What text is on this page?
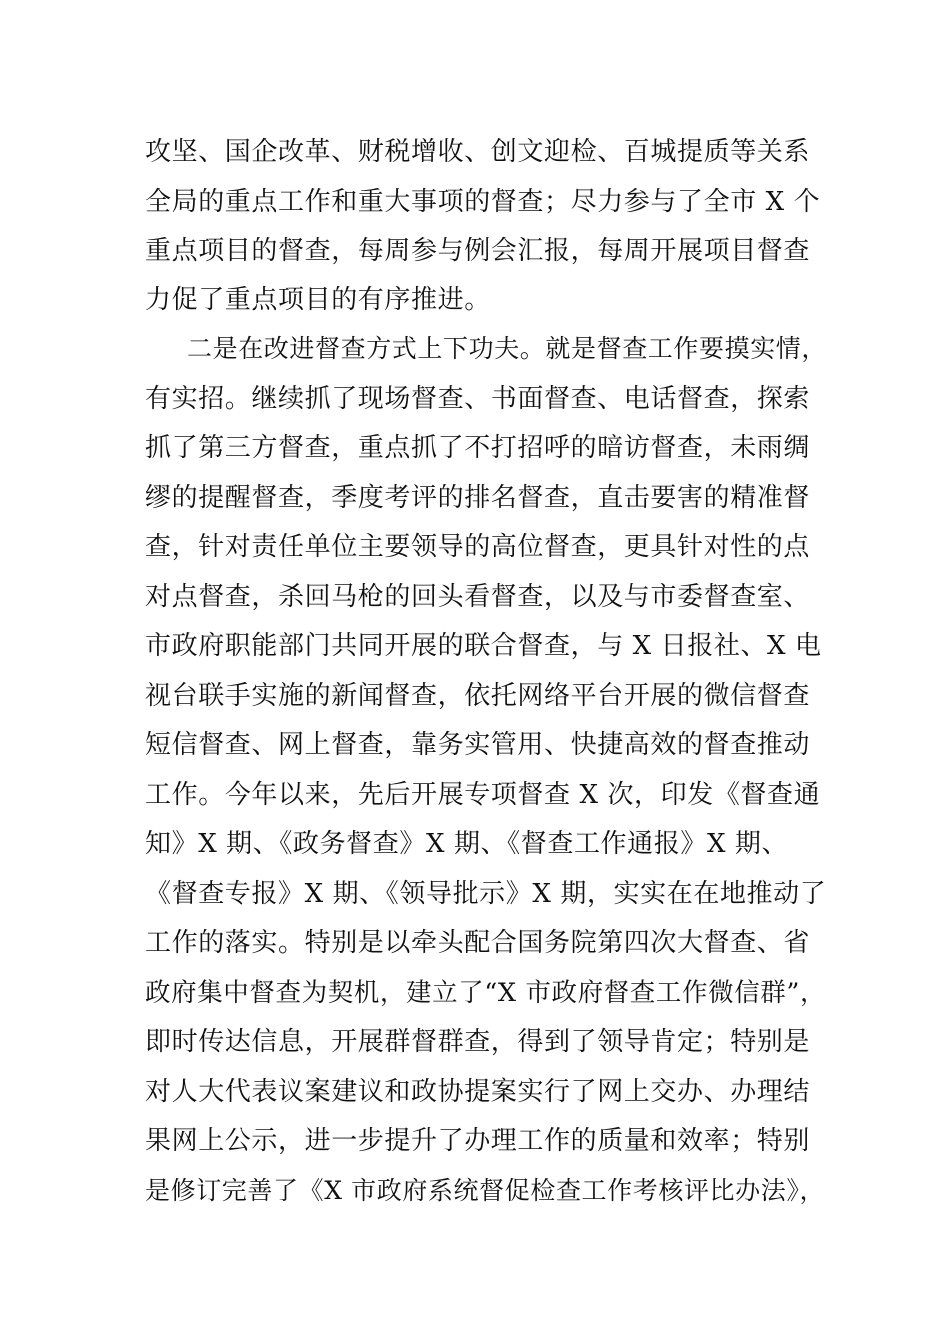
攻坚、国企改革、财税增收、创文迎检、百城提质等关系
全局的重点工作和重大事项的督查；尽力参与了全市 X 个
重点项目的督查，每周参与例会汇报，每周开展项目督查
力促了重点项目的有序推进。
二是在改进督查方式上下功夫。就是督查工作要摸实情，
有实招。继续抓了现场督查、书面督查、电话督查，探索
抓了第三方督查，重点抓了不打招呼的暗访督查，未雨绸
缪的提醒督查，季度考评的排名督查，直击要害的精准督
查，针对责任单位主要领导的高位督查，更具针对性的点
对点督查，杀回马枪的回头看督查，以及与市委督查室、
市政府职能部门共同开展的联合督查，与 X 日报社、X 电
视台联手实施的新闻督查，依托网络平台开展的微信督查
短信督查、网上督查，靠务实管用、快捷高效的督查推动
工作。今年以来，先后开展专项督查 X 次，印发《督查通
知》X 期、《政务督查》X 期、《督查工作通报》X 期、
《督查专报》X 期、《领导批示》X 期，实实在在地推动了
工作的落实。特别是以牵头配合国务院第四次大督查、省
政府集中督查为契机，建立了“X 市政府督查工作微信群”，
即时传达信息，开展群督群查，得到了领导肯定；特别是
对人大代表议案建议和政协提案实行了网上交办、办理结
果网上公示，进一步提升了办理工作的质量和效率；特别
是修订完善了《X 市政府系统督促检查工作考核评比办法》，
